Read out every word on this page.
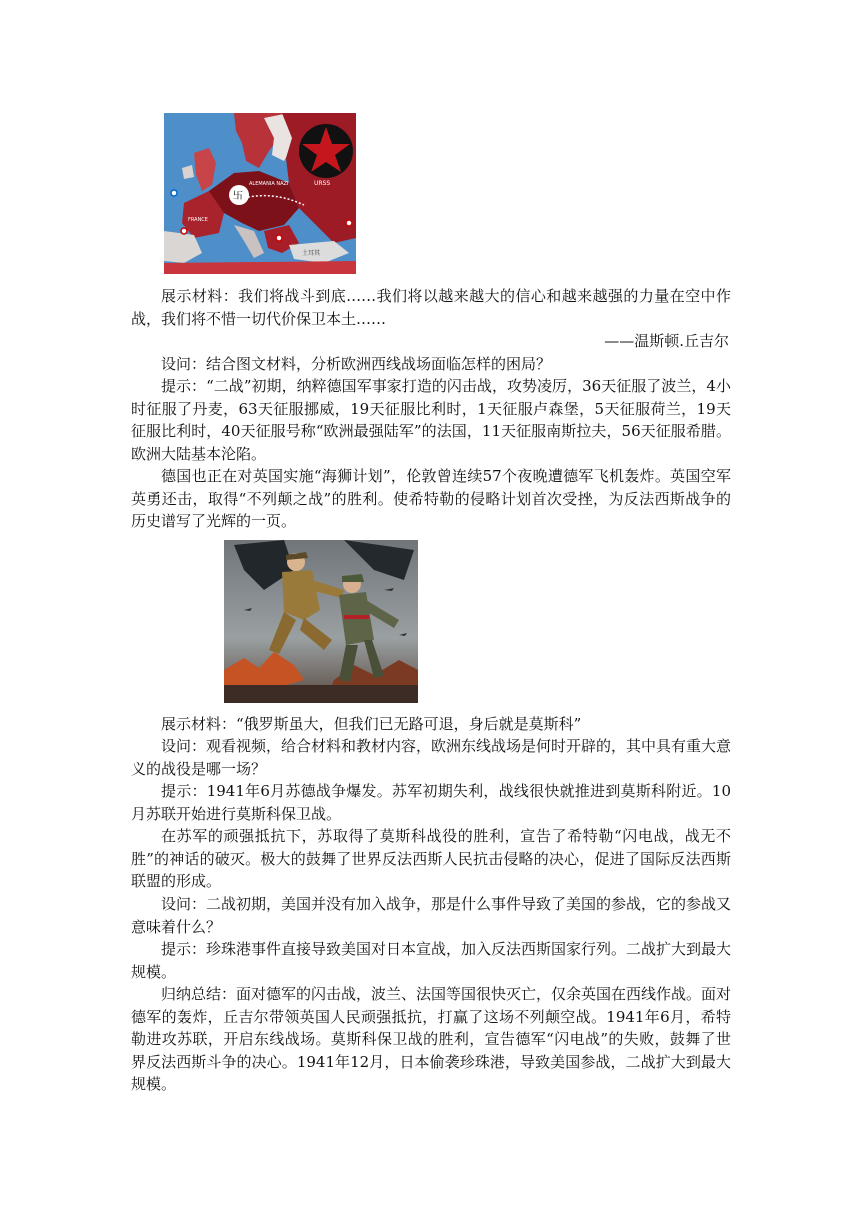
URSS
卐
ALEMANIA NAZI
FRANCE
土耳其

展示材料：我们将战斗到底……我们将以越来越大的信心和越来越强的力量在空中作战，我们将不惜一切代价保卫本土……

——温斯顿.丘吉尔

设问：结合图文材料，分析欧洲西线战场面临怎样的困局？

提示：“二战”初期，纳粹德国军事家打造的闪击战，攻势凌厉，36天征服了波兰，4小时征服了丹麦，63天征服挪威，19天征服比利时，1天征服卢森堡，5天征服荷兰，19天征服比利时，40天征服号称“欧洲最强陆军”的法国，11天征服南斯拉夫，56天征服希腊。欧洲大陆基本沦陷。

德国也正在对英国实施“海狮计划”，伦敦曾连续57个夜晚遭德军飞机轰炸。英国空军英勇还击，取得“不列颠之战”的胜利。使希特勒的侵略计划首次受挫，为反法西斯战争的历史谱写了光辉的一页。

展示材料：“俄罗斯虽大，但我们已无路可退，身后就是莫斯科”

设问：观看视频，给合材料和教材内容，欧洲东线战场是何时开辟的，其中具有重大意义的战役是哪一场？

提示：1941年6月苏德战争爆发。苏军初期失利，战线很快就推进到莫斯科附近。10月苏联开始进行莫斯科保卫战。

在苏军的顽强抵抗下，苏取得了莫斯科战役的胜利，宣告了希特勒“闪电战，战无不胜”的神话的破灭。极大的鼓舞了世界反法西斯人民抗击侵略的决心，促进了国际反法西斯联盟的形成。

设问：二战初期，美国并没有加入战争，那是什么事件导致了美国的参战，它的参战又意味着什么？

提示：珍珠港事件直接导致美国对日本宣战，加入反法西斯国家行列。二战扩大到最大规模。

归纳总结：面对德军的闪击战，波兰、法国等国很快灭亡，仅余英国在西线作战。面对德军的轰炸，丘吉尔带领英国人民顽强抵抗，打赢了这场不列颠空战。1941年6月，希特勒进攻苏联，开启东线战场。莫斯科保卫战的胜利，宣告德军“闪电战”的失败，鼓舞了世界反法西斯斗争的决心。1941年12月，日本偷袭珍珠港，导致美国参战，二战扩大到最大规模。
